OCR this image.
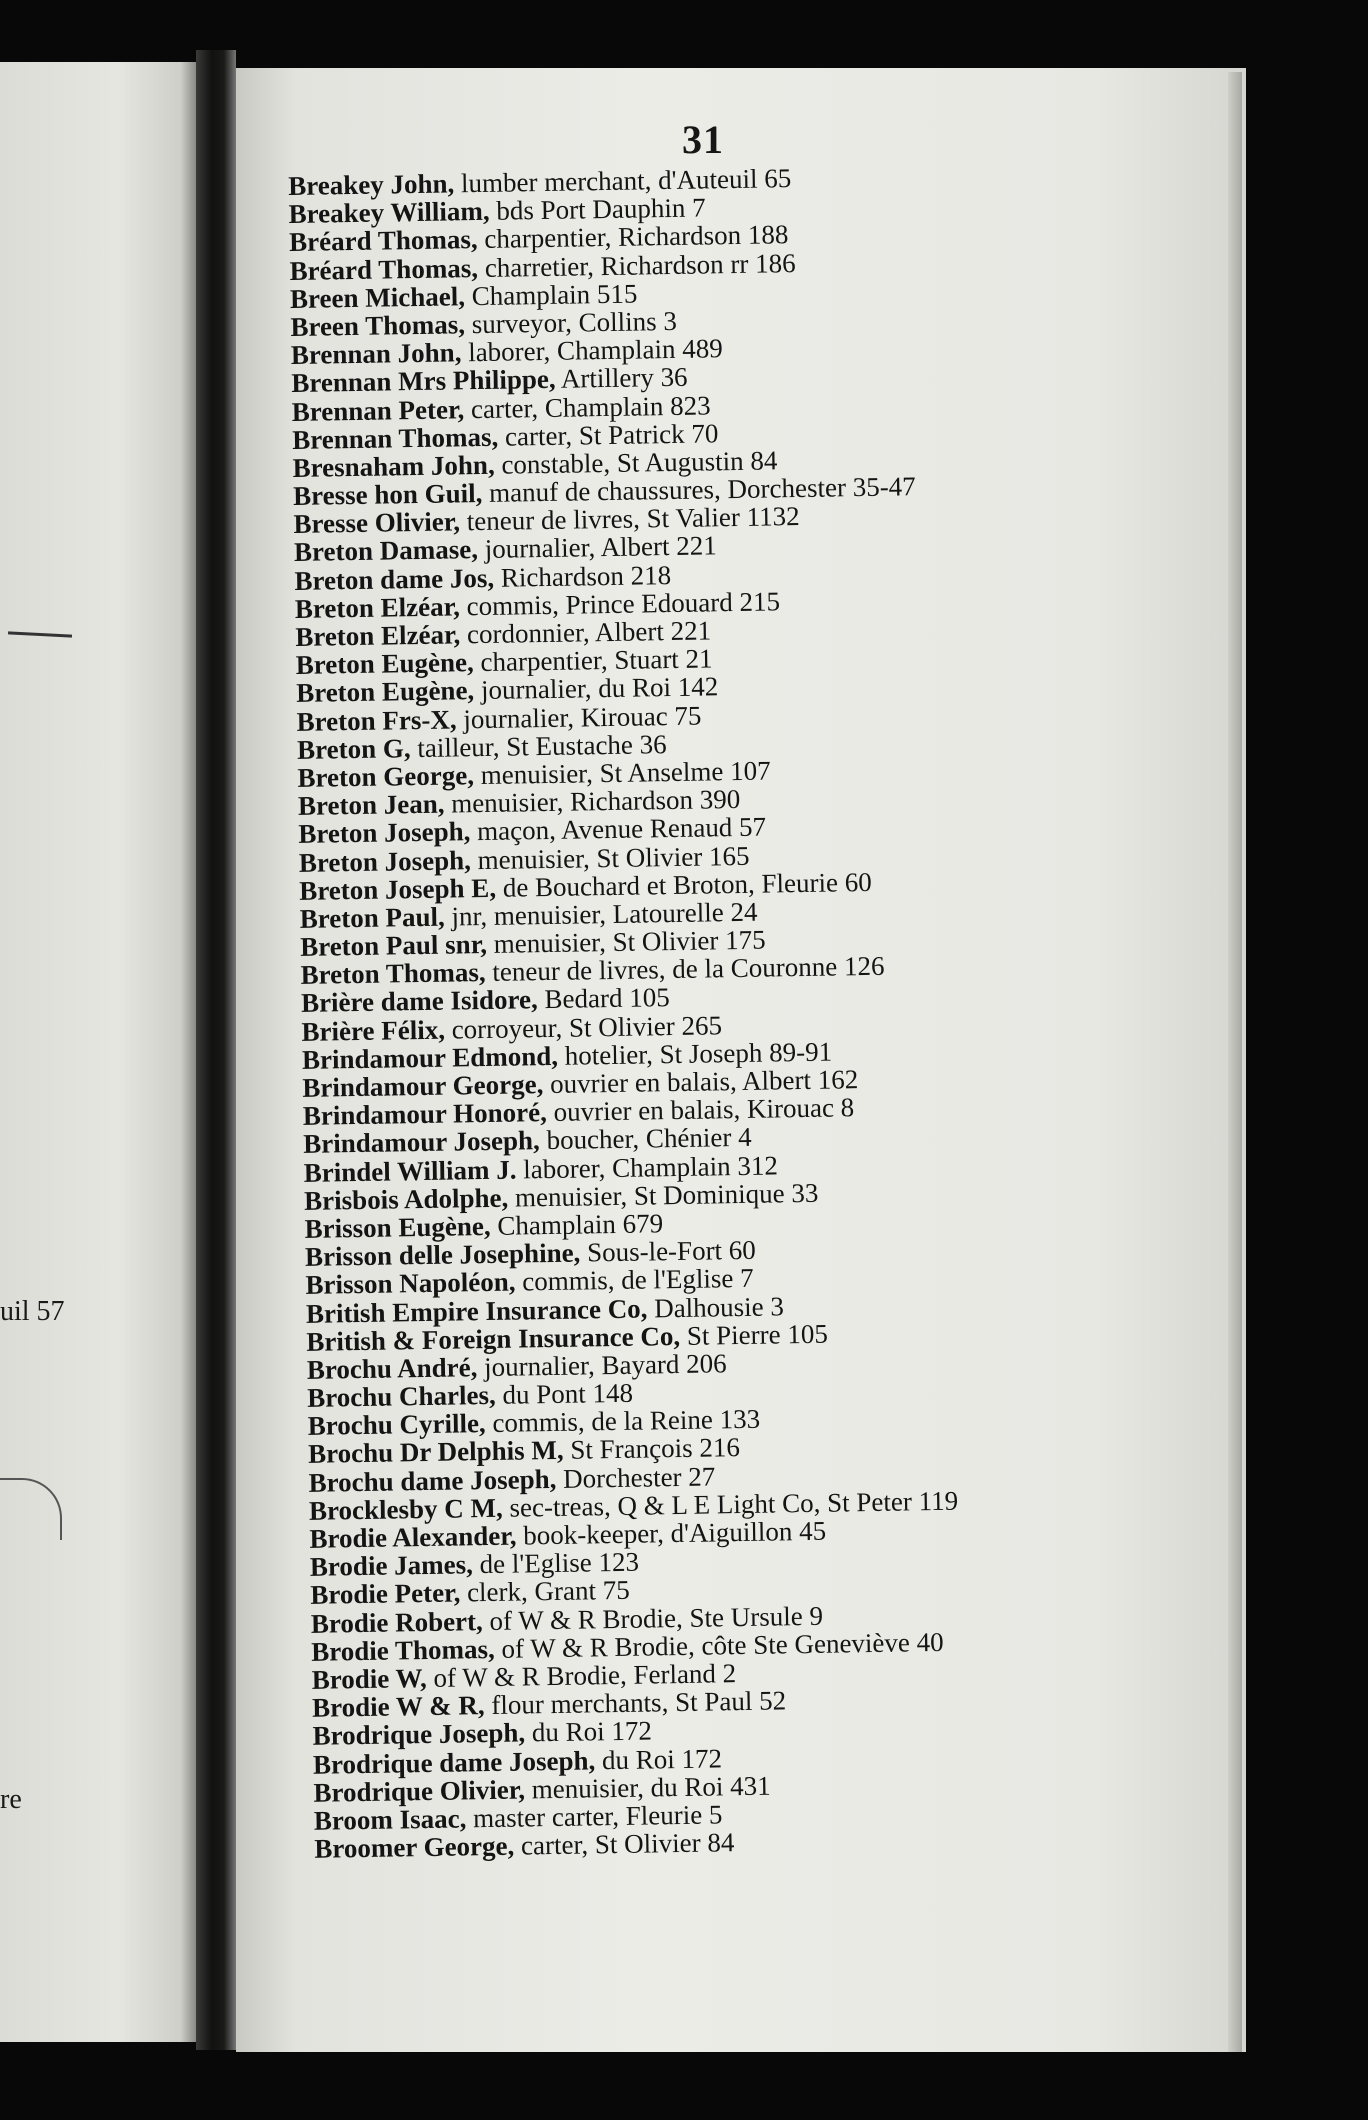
uil 57
re
31
Breakey John, lumber merchant, d'Auteuil 65
Breakey William, bds Port Dauphin 7
Bréard Thomas, charpentier, Richardson 188
Bréard Thomas, charretier, Richardson rr 186
Breen Michael, Champlain 515
Breen Thomas, surveyor, Collins 3
Brennan John, laborer, Champlain 489
Brennan Mrs Philippe, Artillery 36
Brennan Peter, carter, Champlain 823
Brennan Thomas, carter, St Patrick 70
Bresnaham John, constable, St Augustin 84
Bresse hon Guil, manuf de chaussures, Dorchester 35-47
Bresse Olivier, teneur de livres, St Valier 1132
Breton Damase, journalier, Albert 221
Breton dame Jos, Richardson 218
Breton Elzéar, commis, Prince Edouard 215
Breton Elzéar, cordonnier, Albert 221
Breton Eugène, charpentier, Stuart 21
Breton Eugène, journalier, du Roi 142
Breton Frs-X, journalier, Kirouac 75
Breton G, tailleur, St Eustache 36
Breton George, menuisier, St Anselme 107
Breton Jean, menuisier, Richardson 390
Breton Joseph, maçon, Avenue Renaud 57
Breton Joseph, menuisier, St Olivier 165
Breton Joseph E, de Bouchard et Broton, Fleurie 60
Breton Paul, jnr, menuisier, Latourelle 24
Breton Paul snr, menuisier, St Olivier 175
Breton Thomas, teneur de livres, de la Couronne 126
Brière dame Isidore, Bedard 105
Brière Félix, corroyeur, St Olivier 265
Brindamour Edmond, hotelier, St Joseph 89-91
Brindamour George, ouvrier en balais, Albert 162
Brindamour Honoré, ouvrier en balais, Kirouac 8
Brindamour Joseph, boucher, Chénier 4
Brindel William J. laborer, Champlain 312
Brisbois Adolphe, menuisier, St Dominique 33
Brisson Eugène, Champlain 679
Brisson delle Josephine, Sous-le-Fort 60
Brisson Napoléon, commis, de l'Eglise 7
British Empire Insurance Co, Dalhousie 3
British & Foreign Insurance Co, St Pierre 105
Brochu André, journalier, Bayard 206
Brochu Charles, du Pont 148
Brochu Cyrille, commis, de la Reine 133
Brochu Dr Delphis M, St François 216
Brochu dame Joseph, Dorchester 27
Brocklesby C M, sec-treas, Q & L E Light Co, St Peter 119
Brodie Alexander, book-keeper, d'Aiguillon 45
Brodie James, de l'Eglise 123
Brodie Peter, clerk, Grant 75
Brodie Robert, of W & R Brodie, Ste Ursule 9
Brodie Thomas, of W & R Brodie, côte Ste Geneviève 40
Brodie W, of W & R Brodie, Ferland 2
Brodie W & R, flour merchants, St Paul 52
Brodrique Joseph, du Roi 172
Brodrique dame Joseph, du Roi 172
Brodrique Olivier, menuisier, du Roi 431
Broom Isaac, master carter, Fleurie 5
Broomer George, carter, St Olivier 84
